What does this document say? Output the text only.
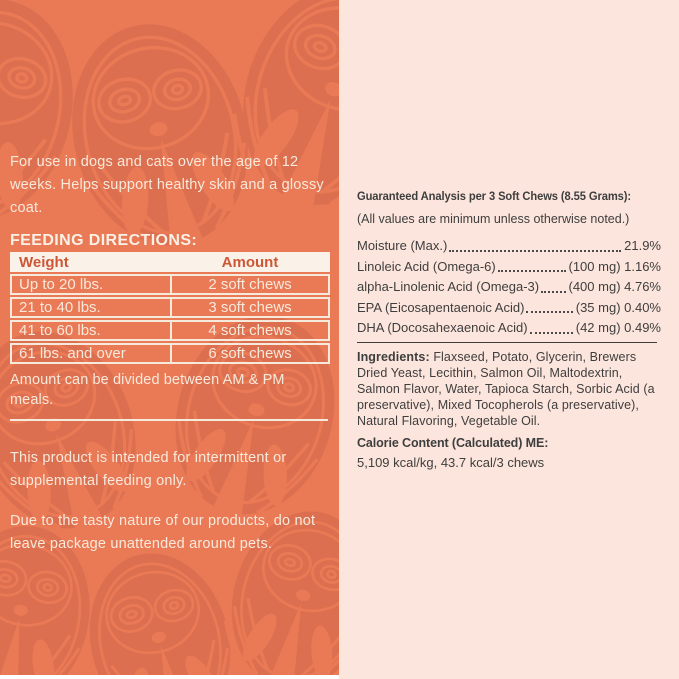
For use in dogs and cats over the age of 12 weeks. Helps support healthy skin and a glossy coat.

FEEDING DIRECTIONS:
Weight	Amount
Up to 20 lbs.	2 soft chews
21 to 40 lbs.	3 soft chews
41 to 60 lbs.	4 soft chews
61 lbs. and over	6 soft chews

Amount can be divided between AM & PM meals.

This product is intended for intermittent or supplemental feeding only.

Due to the tasty nature of our products, do not leave package unattended around pets.

Guaranteed Analysis per 3 Soft Chews (8.55 Grams):

(All values are minimum unless otherwise noted.)

Moisture (Max.)	21.9%
Linoleic Acid (Omega-6)	(100 mg) 1.16%
alpha-Linolenic Acid (Omega-3) (400 mg) 4.76%
EPA (Eicosapentaenoic Acid)	(35 mg) 0.40%
DHA (Docosahexaenoic Acid)	(42 mg) 0.49%

Ingredients: Flaxseed, Potato, Glycerin, Brewers Dried Yeast, Lecithin, Salmon Oil, Maltodextrin, Salmon Flavor, Water, Tapioca Starch, Sorbic Acid (a preservative), Mixed Tocopherols (a preservative), Natural Flavoring, Vegetable Oil.

Calorie Content (Calculated) ME:

5,109 kcal/kg, 43.7 kcal/3 chews
